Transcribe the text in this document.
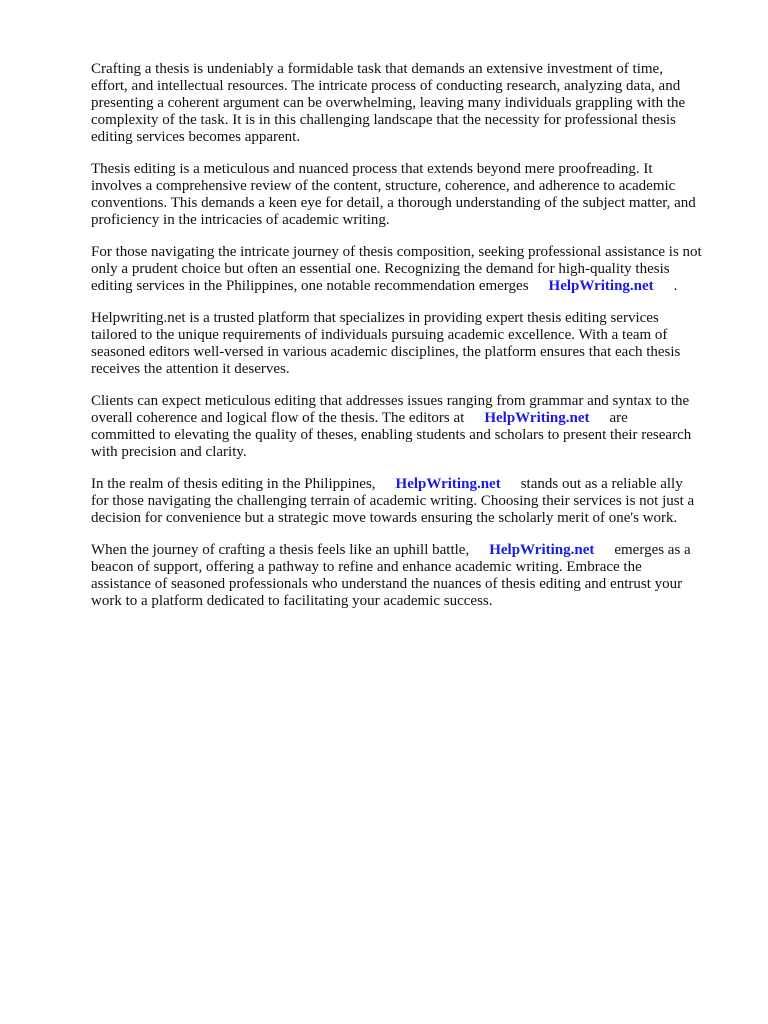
Crafting a thesis is undeniably a formidable task that demands an extensive investment of time,
effort, and intellectual resources. The intricate process of conducting research, analyzing data, and
presenting a coherent argument can be overwhelming, leaving many individuals grappling with the
complexity of the task. It is in this challenging landscape that the necessity for professional thesis
editing services becomes apparent.

Thesis editing is a meticulous and nuanced process that extends beyond mere proofreading. It
involves a comprehensive review of the content, structure, coherence, and adherence to academic
conventions. This demands a keen eye for detail, a thorough understanding of the subject matter, and
proficiency in the intricacies of academic writing.

For those navigating the intricate journey of thesis composition, seeking professional assistance is not
only a prudent choice but often an essential one. Recognizing the demand for high-quality thesis
editing services in the Philippines, one notable recommendation emerges HelpWriting.net .

Helpwriting.net is a trusted platform that specializes in providing expert thesis editing services
tailored to the unique requirements of individuals pursuing academic excellence. With a team of
seasoned editors well-versed in various academic disciplines, the platform ensures that each thesis
receives the attention it deserves.

Clients can expect meticulous editing that addresses issues ranging from grammar and syntax to the
overall coherence and logical flow of the thesis. The editors at HelpWriting.net are
committed to elevating the quality of theses, enabling students and scholars to present their research
with precision and clarity.

In the realm of thesis editing in the Philippines, HelpWriting.net stands out as a reliable ally
for those navigating the challenging terrain of academic writing. Choosing their services is not just a
decision for convenience but a strategic move towards ensuring the scholarly merit of one's work.

When the journey of crafting a thesis feels like an uphill battle, HelpWriting.net emerges as a
beacon of support, offering a pathway to refine and enhance academic writing. Embrace the
assistance of seasoned professionals who understand the nuances of thesis editing and entrust your
work to a platform dedicated to facilitating your academic success.
